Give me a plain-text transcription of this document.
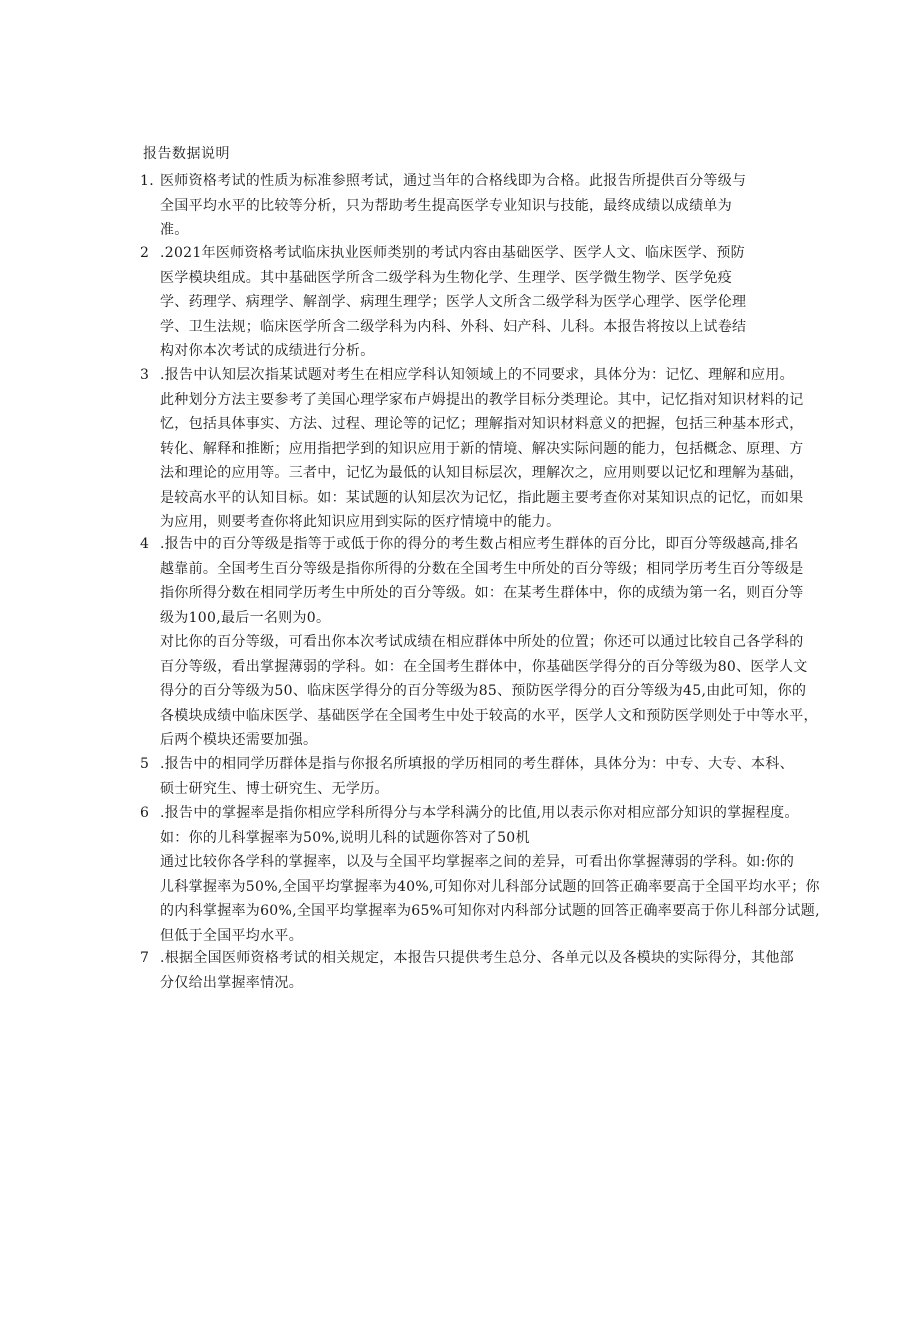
报告数据说明
1. 医师资格考试的性质为标准参照考试，通过当年的合格线即为合格。此报告所提供百分等级与
全国平均水平的比较等分析，只为帮助考生提高医学专业知识与技能，最终成绩以成绩单为
准。
2 .2021年医师资格考试临床执业医师类别的考试内容由基础医学、医学人文、临床医学、预防
医学模块组成。其中基础医学所含二级学科为生物化学、生理学、医学微生物学、医学免疫
学、药理学、病理学、解剖学、病理生理学；医学人文所含二级学科为医学心理学、医学伦理
学、卫生法规；临床医学所含二级学科为内科、外科、妇产科、儿科。本报告将按以上试卷结
构对你本次考试的成绩进行分析。
3 .报告中认知层次指某试题对考生在相应学科认知领域上的不同要求，具体分为：记忆、理解和应用。
此种划分方法主要参考了美国心理学家布卢姆提出的教学目标分类理论。其中，记忆指对知识材料的记
忆，包括具体事实、方法、过程、理论等的记忆；理解指对知识材料意义的把握，包括三种基本形式，
转化、解释和推断；应用指把学到的知识应用于新的情境、解决实际问题的能力，包括概念、原理、方
法和理论的应用等。三者中，记忆为最低的认知目标层次，理解次之，应用则要以记忆和理解为基础，
是较高水平的认知目标。如：某试题的认知层次为记忆，指此题主要考查你对某知识点的记忆，而如果
为应用，则要考查你将此知识应用到实际的医疗情境中的能力。
4 .报告中的百分等级是指等于或低于你的得分的考生数占相应考生群体的百分比，即百分等级越高,排名
越靠前。全国考生百分等级是指你所得的分数在全国考生中所处的百分等级；相同学历考生百分等级是
指你所得分数在相同学历考生中所处的百分等级。如：在某考生群体中，你的成绩为第一名，则百分等
级为100,最后一名则为0。
对比你的百分等级，可看出你本次考试成绩在相应群体中所处的位置；你还可以通过比较自己各学科的
百分等级，看出掌握薄弱的学科。如：在全国考生群体中，你基础医学得分的百分等级为80、医学人文
得分的百分等级为50、临床医学得分的百分等级为85、预防医学得分的百分等级为45,由此可知，你的
各模块成绩中临床医学、基础医学在全国考生中处于较高的水平，医学人文和预防医学则处于中等水平，
后两个模块还需要加强。
5 .报告中的相同学历群体是指与你报名所填报的学历相同的考生群体，具体分为：中专、大专、本科、
硕士研究生、博士研究生、无学历。
6 .报告中的掌握率是指你相应学科所得分与本学科满分的比值,用以表示你对相应部分知识的掌握程度。
如：你的儿科掌握率为50%,说明儿科的试题你答对了50机
通过比较你各学科的掌握率，以及与全国平均掌握率之间的差异，可看出你掌握薄弱的学科。如:你的
儿科掌握率为50%,全国平均掌握率为40%,可知你对儿科部分试题的回答正确率要高于全国平均水平；你
的内科掌握率为60%,全国平均掌握率为65%可知你对内科部分试题的回答正确率要高于你儿科部分试题,
但低于全国平均水平。
7 .根据全国医师资格考试的相关规定，本报告只提供考生总分、各单元以及各模块的实际得分，其他部
分仅给出掌握率情况。
